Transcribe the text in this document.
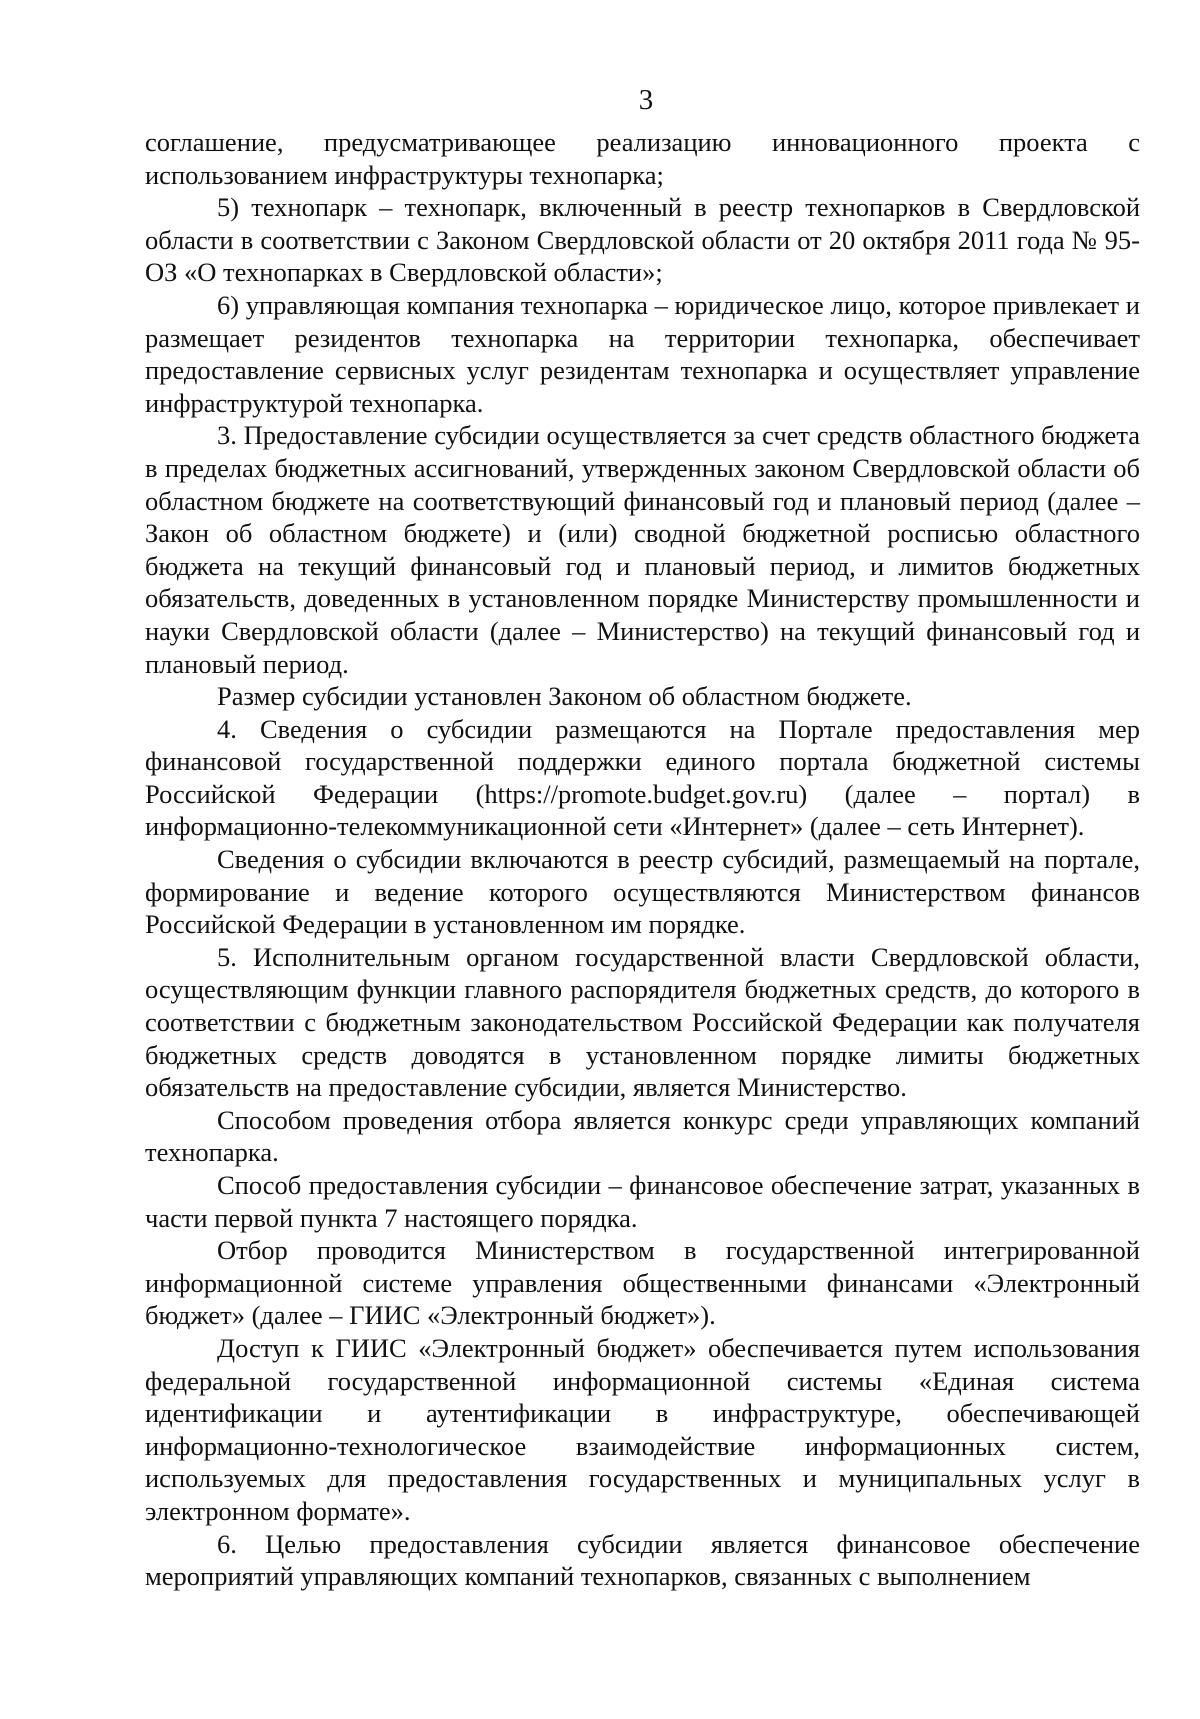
3

соглашение, предусматривающее реализацию инновационного проекта с использованием инфраструктуры технопарка;

5) технопарк – технопарк, включенный в реестр технопарков в Свердловской области в соответствии с Законом Свердловской области от 20 октября 2011 года № 95-ОЗ «О технопарках в Свердловской области»;

6) управляющая компания технопарка – юридическое лицо, которое привлекает и размещает резидентов технопарка на территории технопарка, обеспечивает предоставление сервисных услуг резидентам технопарка и осуществляет управление инфраструктурой технопарка.

3. Предоставление субсидии осуществляется за счет средств областного бюджета в пределах бюджетных ассигнований, утвержденных законом Свердловской области об областном бюджете на соответствующий финансовый год и плановый период (далее – Закон об областном бюджете) и (или) сводной бюджетной росписью областного бюджета на текущий финансовый год и плановый период, и лимитов бюджетных обязательств, доведенных в установленном порядке Министерству промышленности и науки Свердловской области (далее – Министерство) на текущий финансовый год и плановый период.

Размер субсидии установлен Законом об областном бюджете.

4. Сведения о субсидии размещаются на Портале предоставления мер финансовой государственной поддержки единого портала бюджетной системы Российской Федерации (https://promote.budget.gov.ru) (далее – портал) в информационно-телекоммуникационной сети «Интернет» (далее – сеть Интернет).

Сведения о субсидии включаются в реестр субсидий, размещаемый на портале, формирование и ведение которого осуществляются Министерством финансов Российской Федерации в установленном им порядке.

5. Исполнительным органом государственной власти Свердловской области, осуществляющим функции главного распорядителя бюджетных средств, до которого в соответствии с бюджетным законодательством Российской Федерации как получателя бюджетных средств доводятся в установленном порядке лимиты бюджетных обязательств на предоставление субсидии, является Министерство.

Способом проведения отбора является конкурс среди управляющих компаний технопарка.

Способ предоставления субсидии – финансовое обеспечение затрат, указанных в части первой пункта 7 настоящего порядка.

Отбор проводится Министерством в государственной интегрированной информационной системе управления общественными финансами «Электронный бюджет» (далее – ГИИС «Электронный бюджет»).

Доступ к ГИИС «Электронный бюджет» обеспечивается путем использования федеральной государственной информационной системы «Единая система идентификации и аутентификации в инфраструктуре, обеспечивающей информационно-технологическое взаимодействие информационных систем, используемых для предоставления государственных и муниципальных услуг в электронном формате».

6. Целью предоставления субсидии является финансовое обеспечение мероприятий управляющих компаний технопарков, связанных с выполнением
